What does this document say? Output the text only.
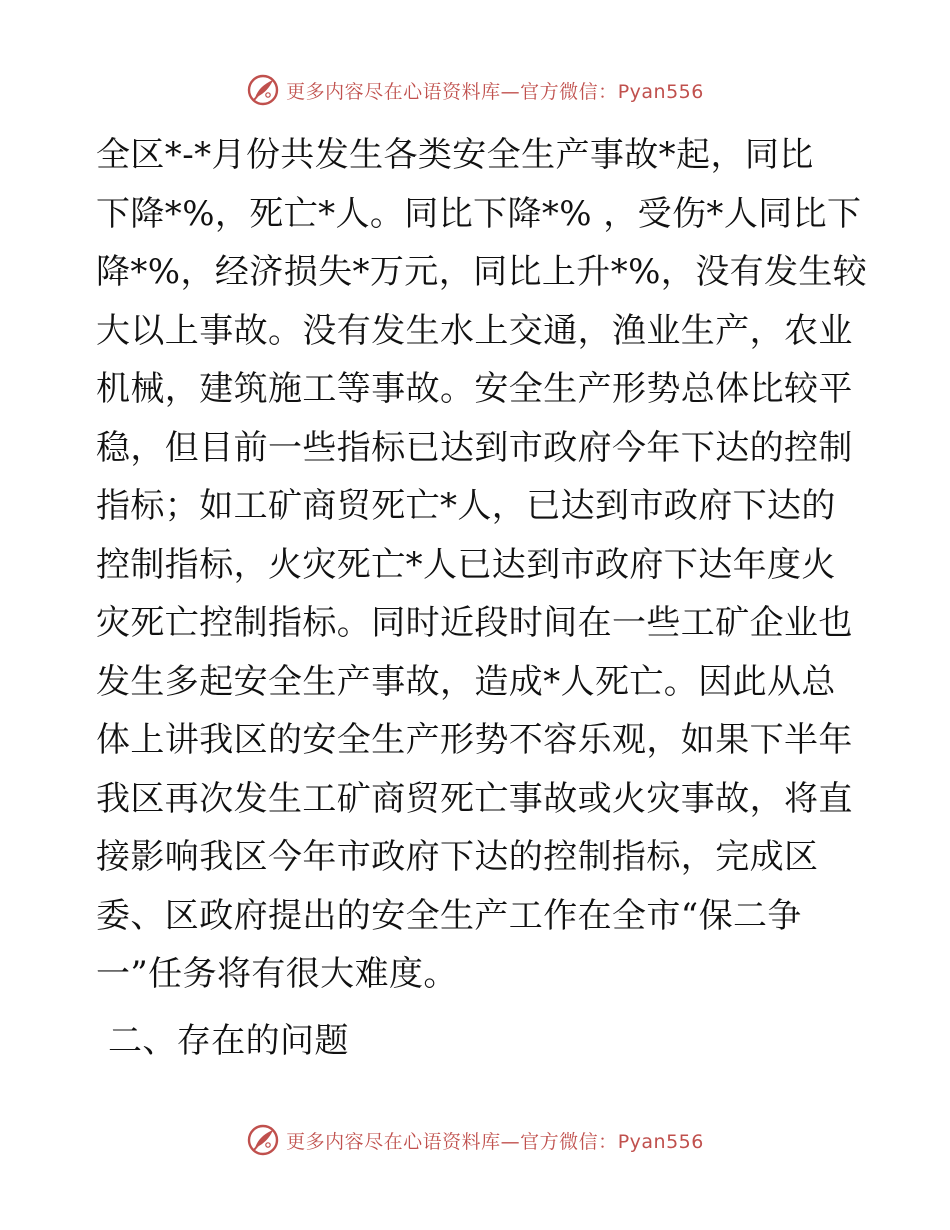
更多内容尽在心语资料库—官方微信：Pyan556
全区*-*月份共发生各类安全生产事故*起，同比
下降*%，死亡*人。同比下降*% ，受伤*人同比下
降*%，经济损失*万元，同比上升*%，没有发生较
大以上事故。没有发生水上交通，渔业生产，农业
机械，建筑施工等事故。安全生产形势总体比较平
稳，但目前一些指标已达到市政府今年下达的控制
指标；如工矿商贸死亡*人，已达到市政府下达的
控制指标，火灾死亡*人已达到市政府下达年度火
灾死亡控制指标。同时近段时间在一些工矿企业也
发生多起安全生产事故，造成*人死亡。因此从总
体上讲我区的安全生产形势不容乐观，如果下半年
我区再次发生工矿商贸死亡事故或火灾事故，将直
接影响我区今年市政府下达的控制指标，完成区
委、区政府提出的安全生产工作在全市“保二争
一”任务将有很大难度。
二、存在的问题
更多内容尽在心语资料库—官方微信：Pyan556
